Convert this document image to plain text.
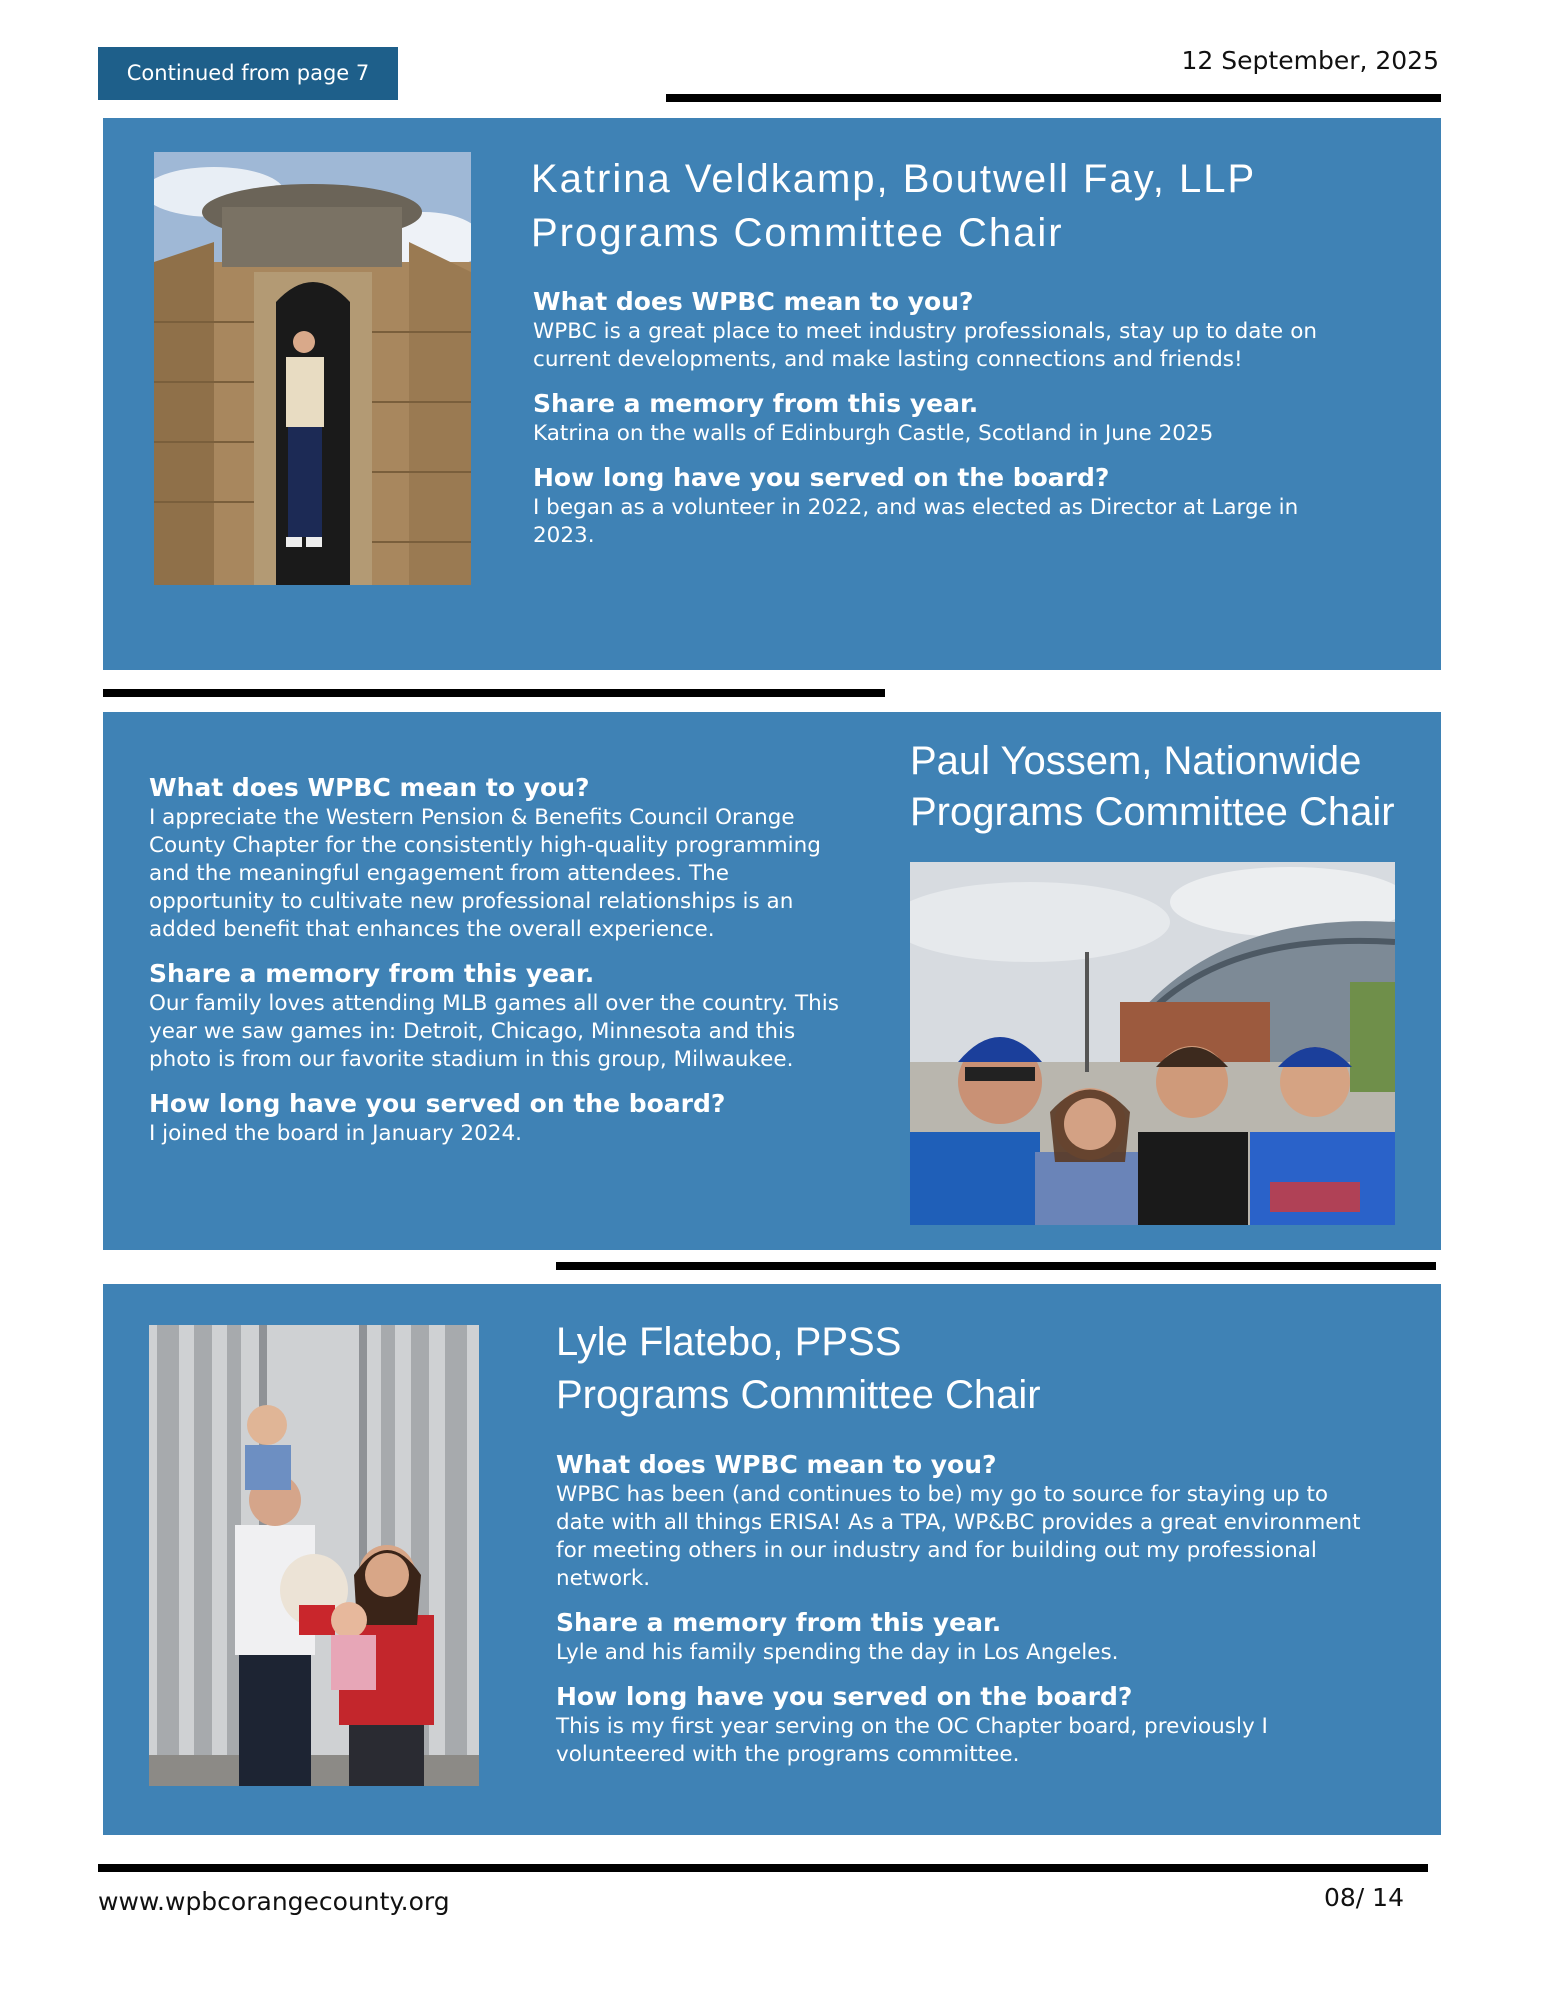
Continued from page 7	12 September, 2025
Katrina Veldkamp, Boutwell Fay, LLP
Programs Committee Chair

What does WPBC mean to you?

WPBC is a great place to meet industry professionals, stay up to date on current developments, and make lasting connections and friends!

Share a memory from this year.

Katrina on the walls of Edinburgh Castle, Scotland in June 2025

How long have you served on the board?

I began as a volunteer in 2022, and was elected as Director at Large in 2023.

What does WPBC mean to you?

I appreciate the Western Pension & Benefits Council Orange County Chapter for the consistently high-quality programming and the meaningful engagement from attendees. The opportunity to cultivate new professional relationships is an added benefit that enhances the overall experience.

Share a memory from this year.

Our family loves attending MLB games all over the country. This year we saw games in: Detroit, Chicago, Minnesota and this photo is from our favorite stadium in this group, Milwaukee.

How long have you served on the board?

I joined the board in January 2024.

Paul Yossem, Nationwide
Programs Committee Chair
Lyle Flatebo, PPSS
Programs Committee Chair

What does WPBC mean to you?

WPBC has been (and continues to be) my go to source for staying up to date with all things ERISA! As a TPA, WP&BC provides a great environment for meeting others in our industry and for building out my professional network.

Share a memory from this year.

Lyle and his family spending the day in Los Angeles.

How long have you served on the board?

This is my first year serving on the OC Chapter board, previously I volunteered with the programs committee.

www.wpbcorangecounty.org	08/ 14
